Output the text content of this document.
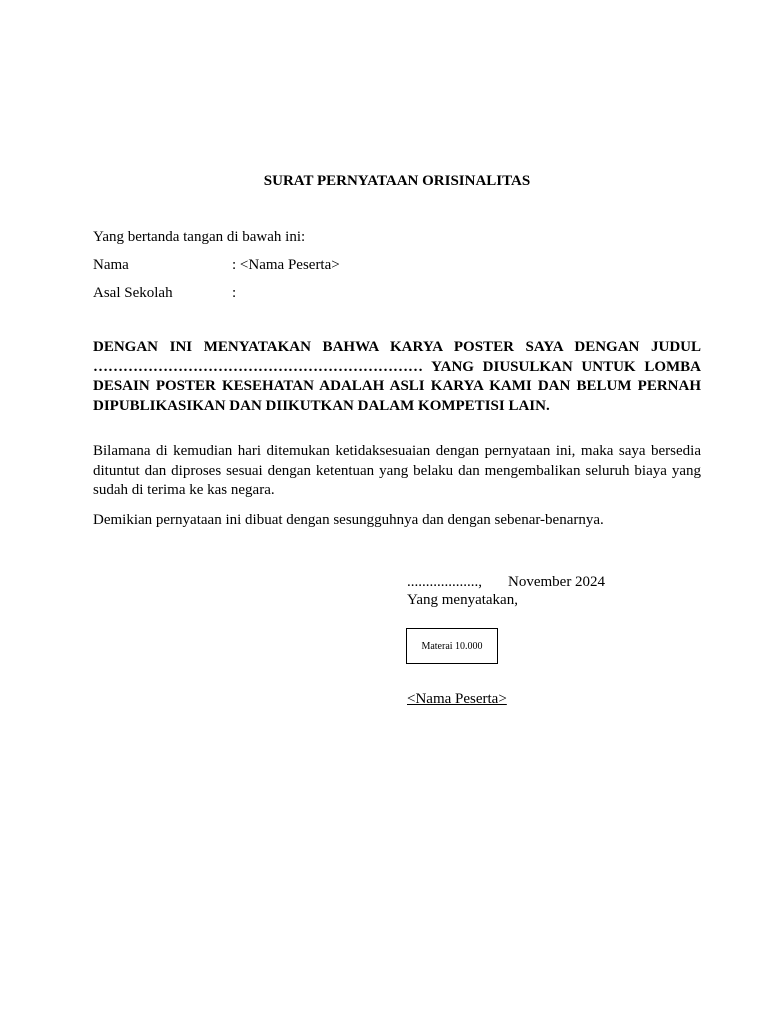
SURAT PERNYATAAN ORISINALITAS
Yang bertanda tangan di bawah ini:
Nama	: <Nama Peserta>
Asal Sekolah	:
DENGAN INI MENYATAKAN BAHWA KARYA POSTER SAYA DENGAN JUDUL ………………………………………………………… YANG DIUSULKAN UNTUK LOMBA DESAIN POSTER KESEHATAN ADALAH ASLI KARYA KAMI DAN BELUM PERNAH DIPUBLIKASIKAN DAN DIIKUTKAN DALAM KOMPETISI LAIN.
Bilamana di kemudian hari ditemukan ketidaksesuaian dengan pernyataan ini, maka saya bersedia dituntut dan diproses sesuai dengan ketentuan yang belaku dan mengembalikan seluruh biaya yang sudah di terima ke kas negara.
Demikian pernyataan ini dibuat dengan sesungguhnya dan dengan sebenar-benarnya.
..................., November 2024
Yang menyatakan,
Materai 10.000
<Nama Peserta>
